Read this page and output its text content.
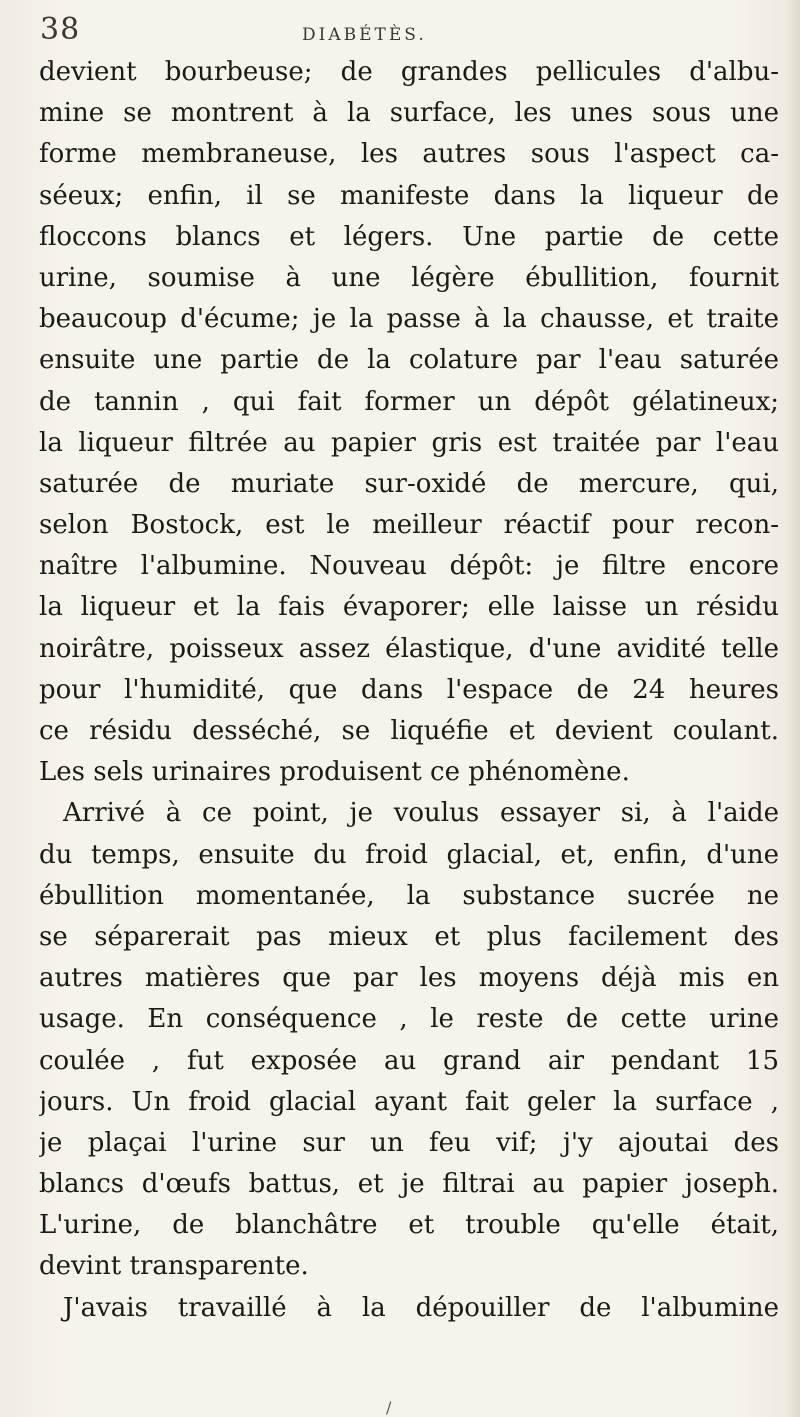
38	DIABÉTÈS.
devient bourbeuse; de grandes pellicules d'albu-
mine se montrent à la surface, les unes sous une
forme membraneuse, les autres sous l'aspect ca-
séeux; enfin, il se manifeste dans la liqueur de
floccons blancs et légers. Une partie de cette
urine, soumise à une légère ébullition, fournit
beaucoup d'écume; je la passe à la chausse, et traite
ensuite une partie de la colature par l'eau saturée
de tannin , qui fait former un dépôt gélatineux;
la liqueur filtrée au papier gris est traitée par l'eau
saturée de muriate sur-oxidé de mercure, qui,
selon Bostock, est le meilleur réactif pour recon-
naître l'albumine. Nouveau dépôt: je filtre encore
la liqueur et la fais évaporer; elle laisse un résidu
noirâtre, poisseux assez élastique, d'une avidité telle
pour l'humidité, que dans l'espace de 24 heures
ce résidu desséché, se liquéfie et devient coulant.
Les sels urinaires produisent ce phénomène.
Arrivé à ce point, je voulus essayer si, à l'aide
du temps, ensuite du froid glacial, et, enfin, d'une
ébullition momentanée, la substance sucrée ne
se séparerait pas mieux et plus facilement des
autres matières que par les moyens déjà mis en
usage. En conséquence , le reste de cette urine
coulée , fut exposée au grand air pendant 15
jours. Un froid glacial ayant fait geler la surface ,
je plaçai l'urine sur un feu vif; j'y ajoutai des
blancs d'œufs battus, et je filtrai au papier joseph.
L'urine, de blanchâtre et trouble qu'elle était,
devint transparente.
J'avais travaillé à la dépouiller de l'albumine
/
